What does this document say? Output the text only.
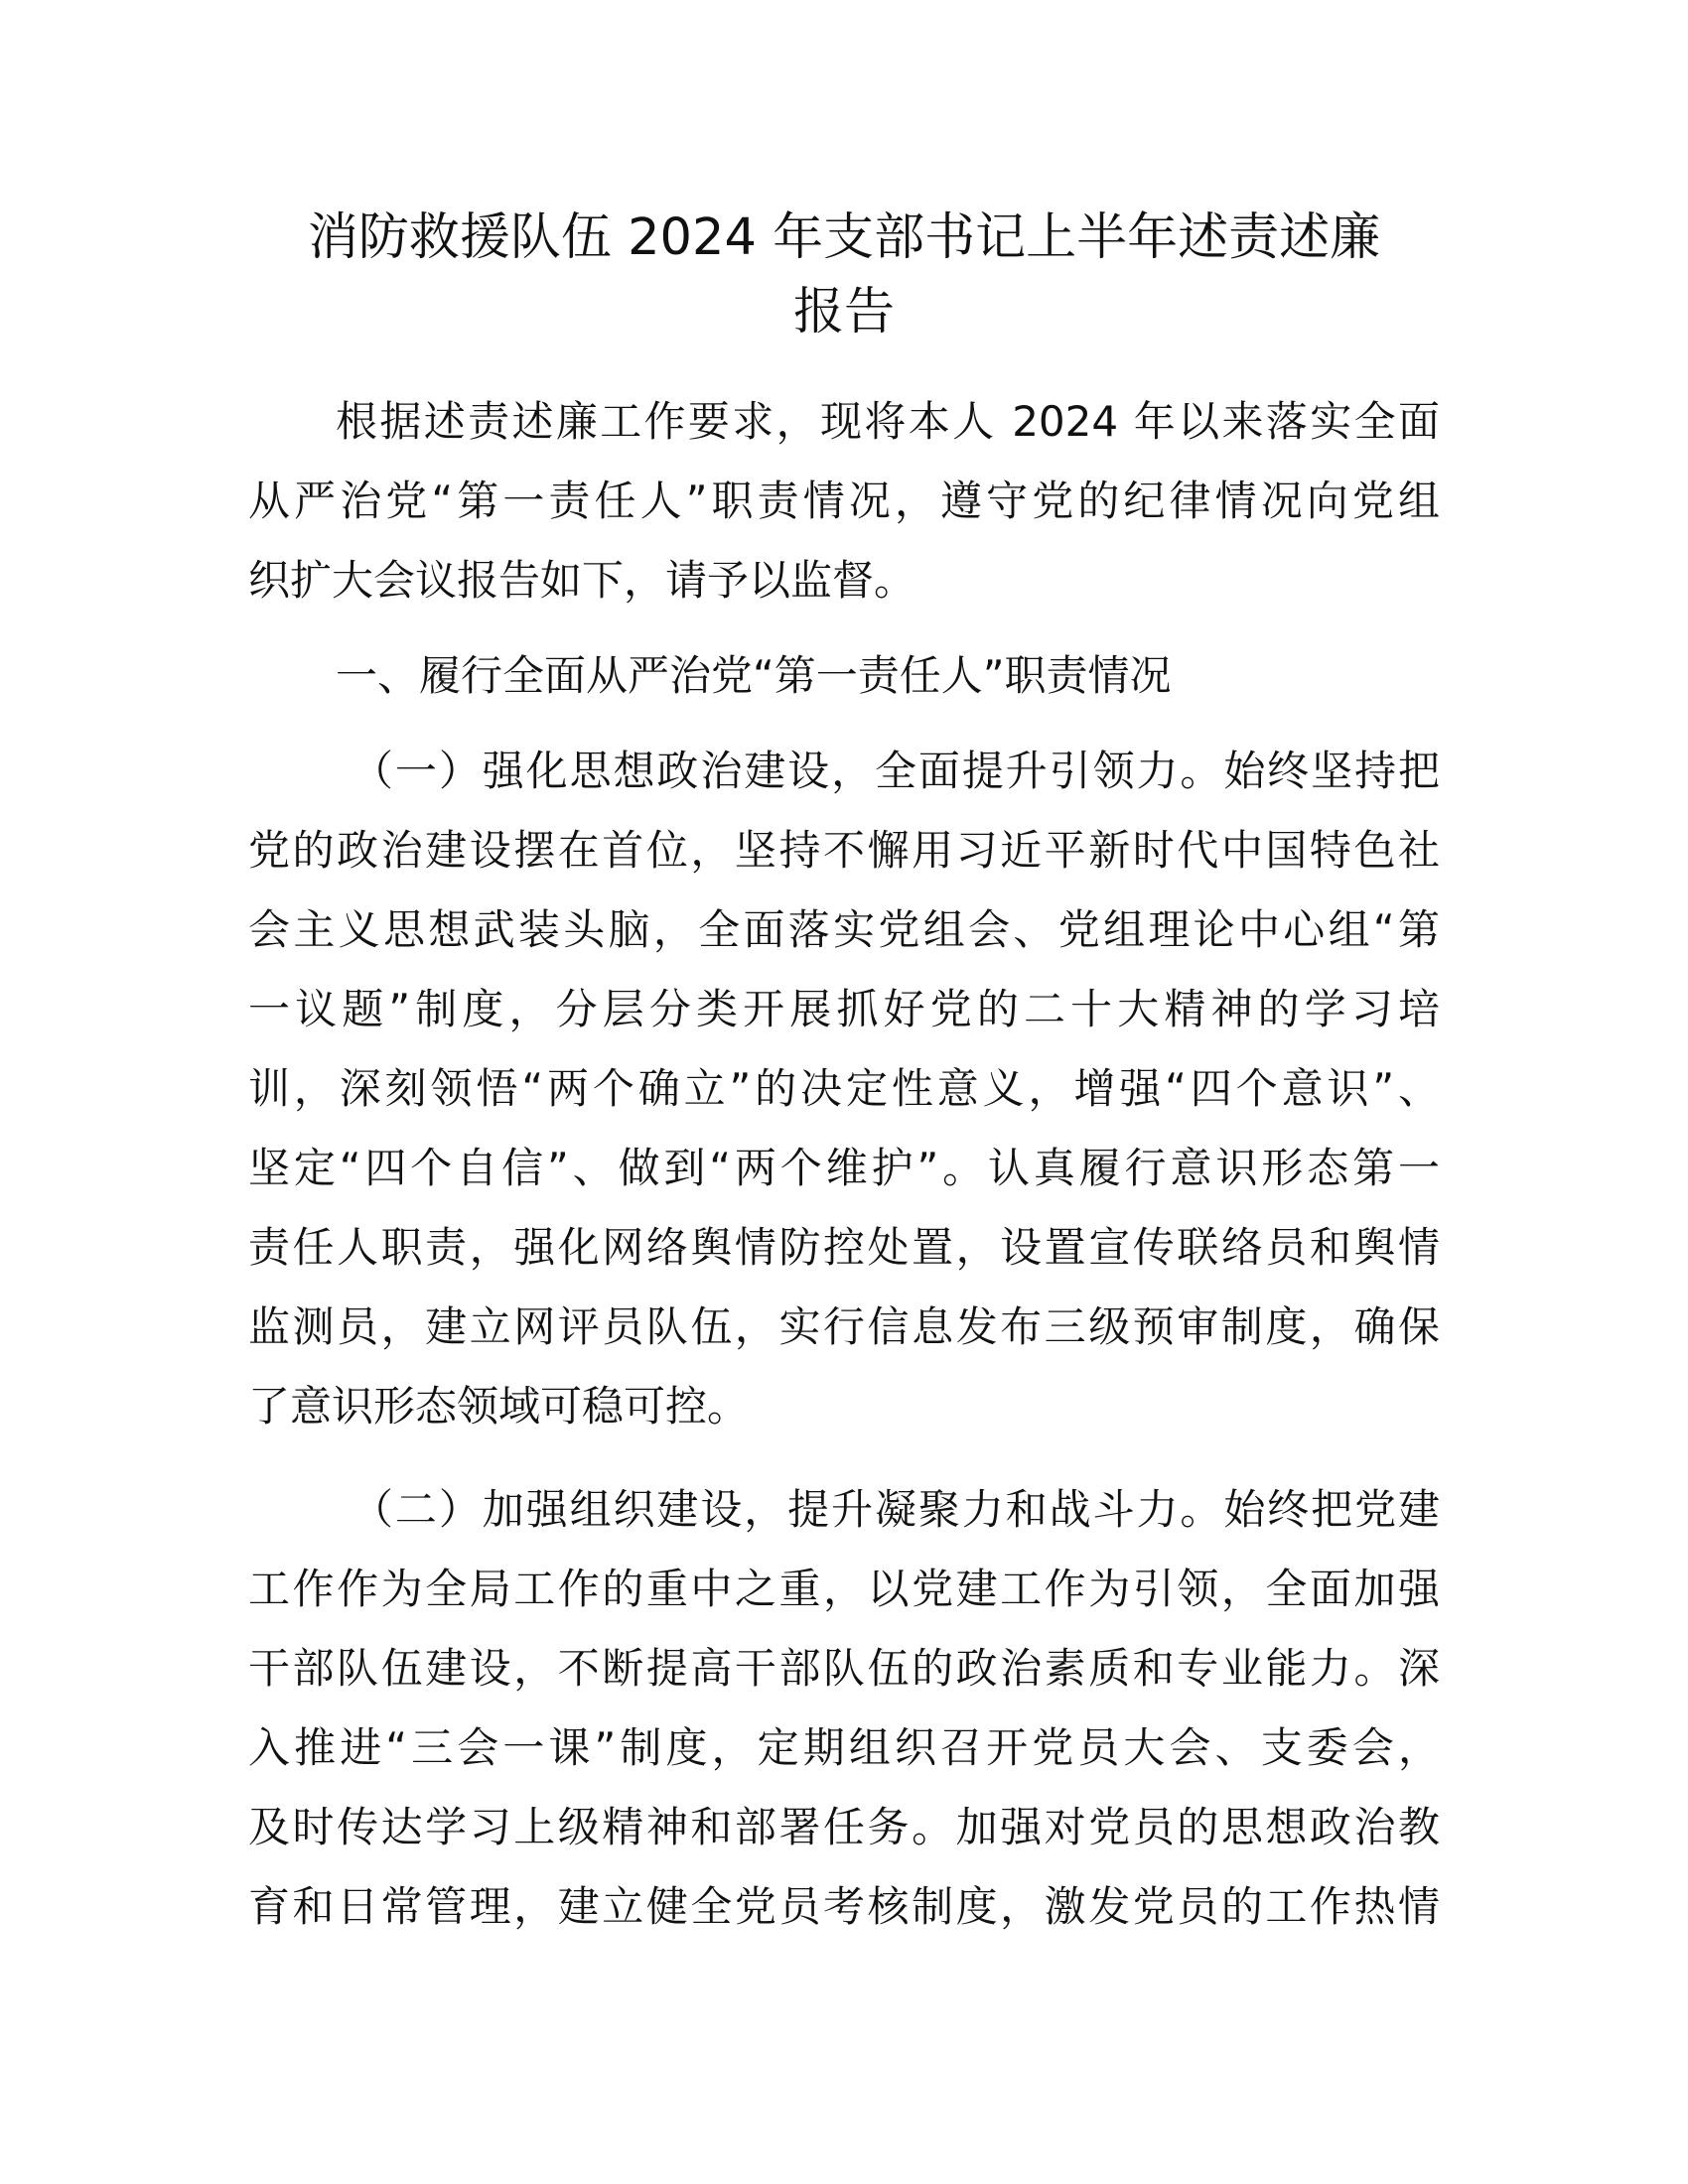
消防救援队伍 2024 年支部书记上半年述责述廉
报告

根据述责述廉工作要求，现将本人 2024 年以来落实全面
从严治党“第一责任人”职责情况，遵守党的纪律情况向党组
织扩大会议报告如下，请予以监督。

一、履行全面从严治党“第一责任人”职责情况

（一）强化思想政治建设，全面提升引领力。始终坚持把
党的政治建设摆在首位，坚持不懈用习近平新时代中国特色社
会主义思想武装头脑，全面落实党组会、党组理论中心组“第
一议题”制度，分层分类开展抓好党的二十大精神的学习培
训，深刻领悟“两个确立”的决定性意义，增强“四个意识”、
坚定“四个自信”、做到“两个维护”。认真履行意识形态第一
责任人职责，强化网络舆情防控处置，设置宣传联络员和舆情
监测员，建立网评员队伍，实行信息发布三级预审制度，确保
了意识形态领域可稳可控。

（二）加强组织建设，提升凝聚力和战斗力。始终把党建
工作作为全局工作的重中之重，以党建工作为引领，全面加强
干部队伍建设，不断提高干部队伍的政治素质和专业能力。深
入推进“三会一课”制度，定期组织召开党员大会、支委会，
及时传达学习上级精神和部署任务。加强对党员的思想政治教
育和日常管理，建立健全党员考核制度，激发党员的工作热情
